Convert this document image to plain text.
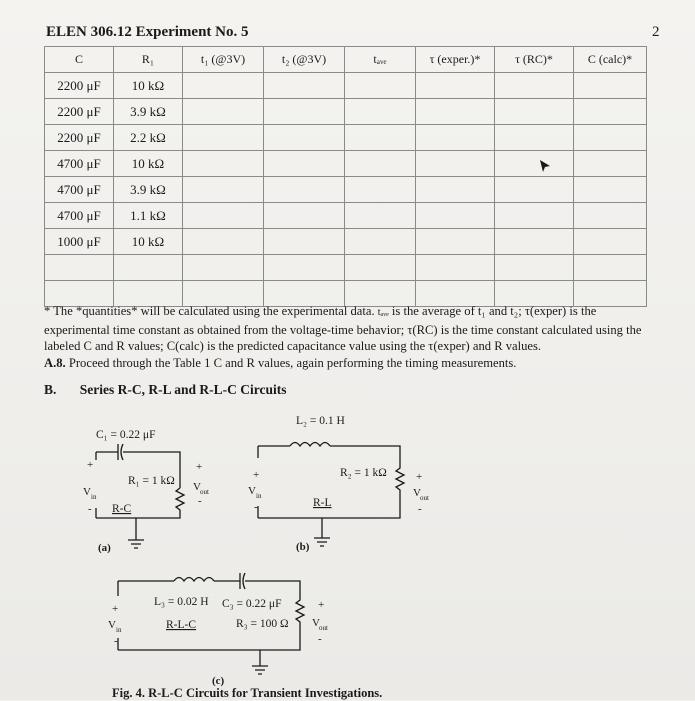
ELEN 306.12 Experiment No. 5	2
C	R₁	t₁ (@3V)	t₂ (@3V)	tₐᵥₑ	τ (exper.)*	τ (RC)*	C (calc)*
2200 μF	10 kΩ						
2200 μF	3.9 kΩ						
2200 μF	2.2 kΩ						
4700 μF	10 kΩ						
4700 μF	3.9 kΩ						
4700 μF	1.1 kΩ						
1000 μF	10 kΩ						

* The *quantities* will be calculated using the experimental data. tₐᵥₑ is the average of t₁ and t₂; τ(exper) is the experimental time constant as obtained from the voltage-time behavior; τ(RC) is the time constant calculated using the labeled C and R values; C(calc) is the predicted capacitance value using the τ(exper) and R values.
A.8. Proceed through the Table 1 C and R values, again performing the timing measurements.
B. Series R-C, R-L and R-L-C Circuits
C₁ = 0.22 μF
R₁ = 1 kΩ
+
V in
-
+
V out
-
R-C
(a)
L₂ = 0.1 H
R₂ = 1 kΩ
+
V in
-
+
V out
-
R-L
(b)
L₃ = 0.02 H C₃ = 0.22 μF
R₃ = 100 Ω
+
V in
-
+
V out
-
R-L-C
(c)
Fig. 4. R-L-C Circuits for Transient Investigations.
